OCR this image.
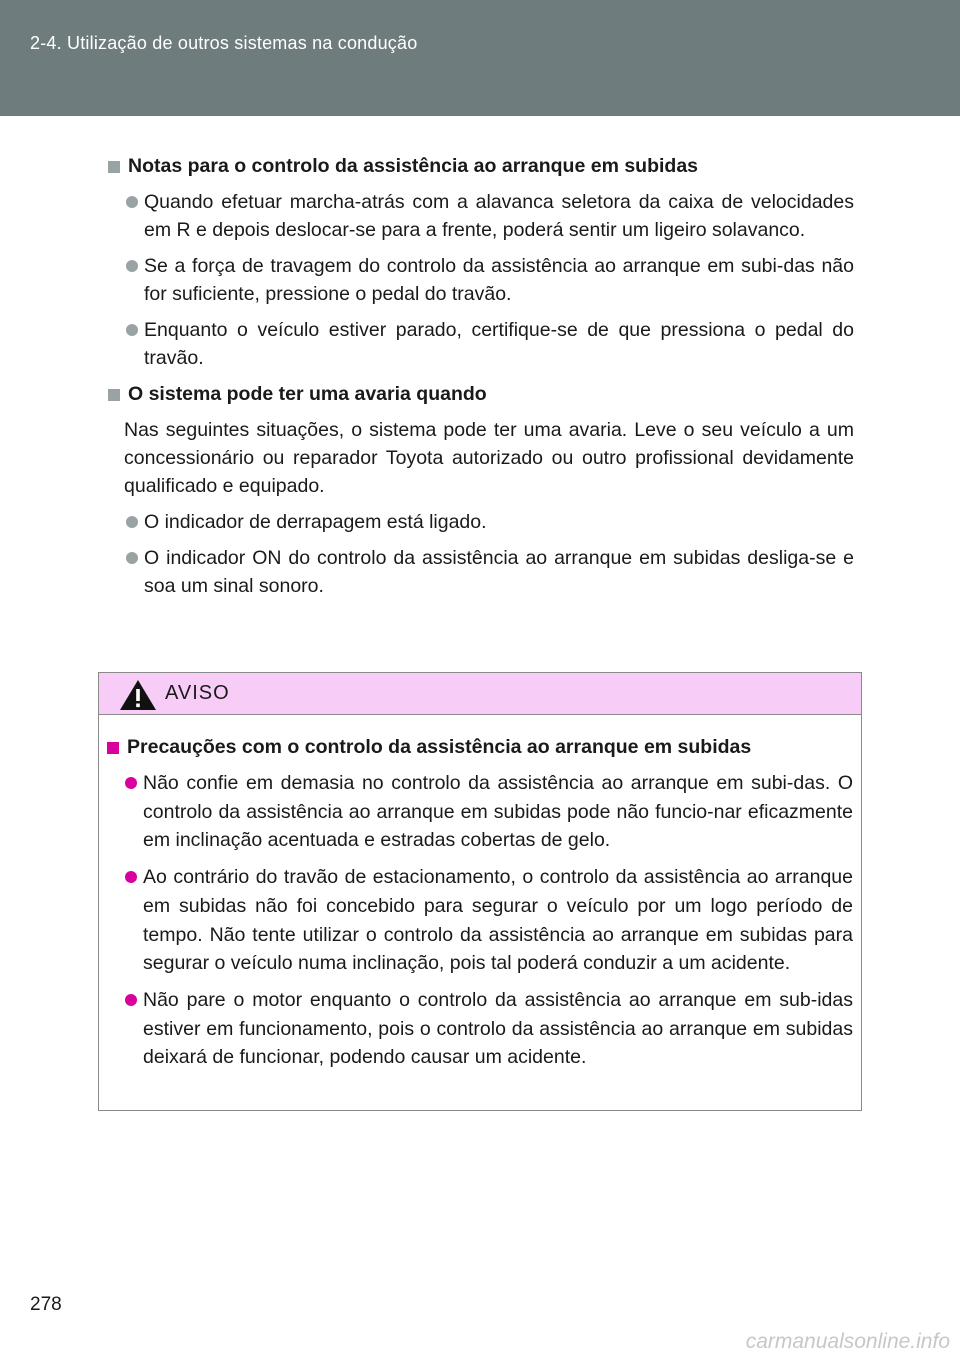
2-4. Utilização de outros sistemas na condução
Notas para o controlo da assistência ao arranque em subidas
Quando efetuar marcha-atrás com a alavanca seletora da caixa de velocidades em R e depois deslocar-se para a frente, poderá sentir um ligeiro solavanco.
Se a força de travagem do controlo da assistência ao arranque em subi-das não for suficiente, pressione o pedal do travão.
Enquanto o veículo estiver parado, certifique-se de que pressiona o pedal do travão.
O sistema pode ter uma avaria quando
Nas seguintes situações, o sistema pode ter uma avaria. Leve o seu veículo a um concessionário ou reparador Toyota autorizado ou outro profissional devidamente qualificado e equipado.
O indicador de derrapagem está ligado.
O indicador ON do controlo da assistência ao arranque em subidas desliga-se e soa um sinal sonoro.
AVISO
Precauções com o controlo da assistência ao arranque em subidas
Não confie em demasia no controlo da assistência ao arranque em subi-das. O controlo da assistência ao arranque em subidas pode não funcio-nar eficazmente em inclinação acentuada e estradas cobertas de gelo.
Ao contrário do travão de estacionamento, o controlo da assistência ao arranque em subidas não foi concebido para segurar o veículo por um logo período de tempo. Não tente utilizar o controlo da assistência ao arranque em subidas para segurar o veículo numa inclinação, pois tal poderá conduzir a um acidente.
Não pare o motor enquanto o controlo da assistência ao arranque em sub-idas estiver em funcionamento, pois o controlo da assistência ao arranque em subidas deixará de funcionar, podendo causar um acidente.
278
carmanualsonline.info
